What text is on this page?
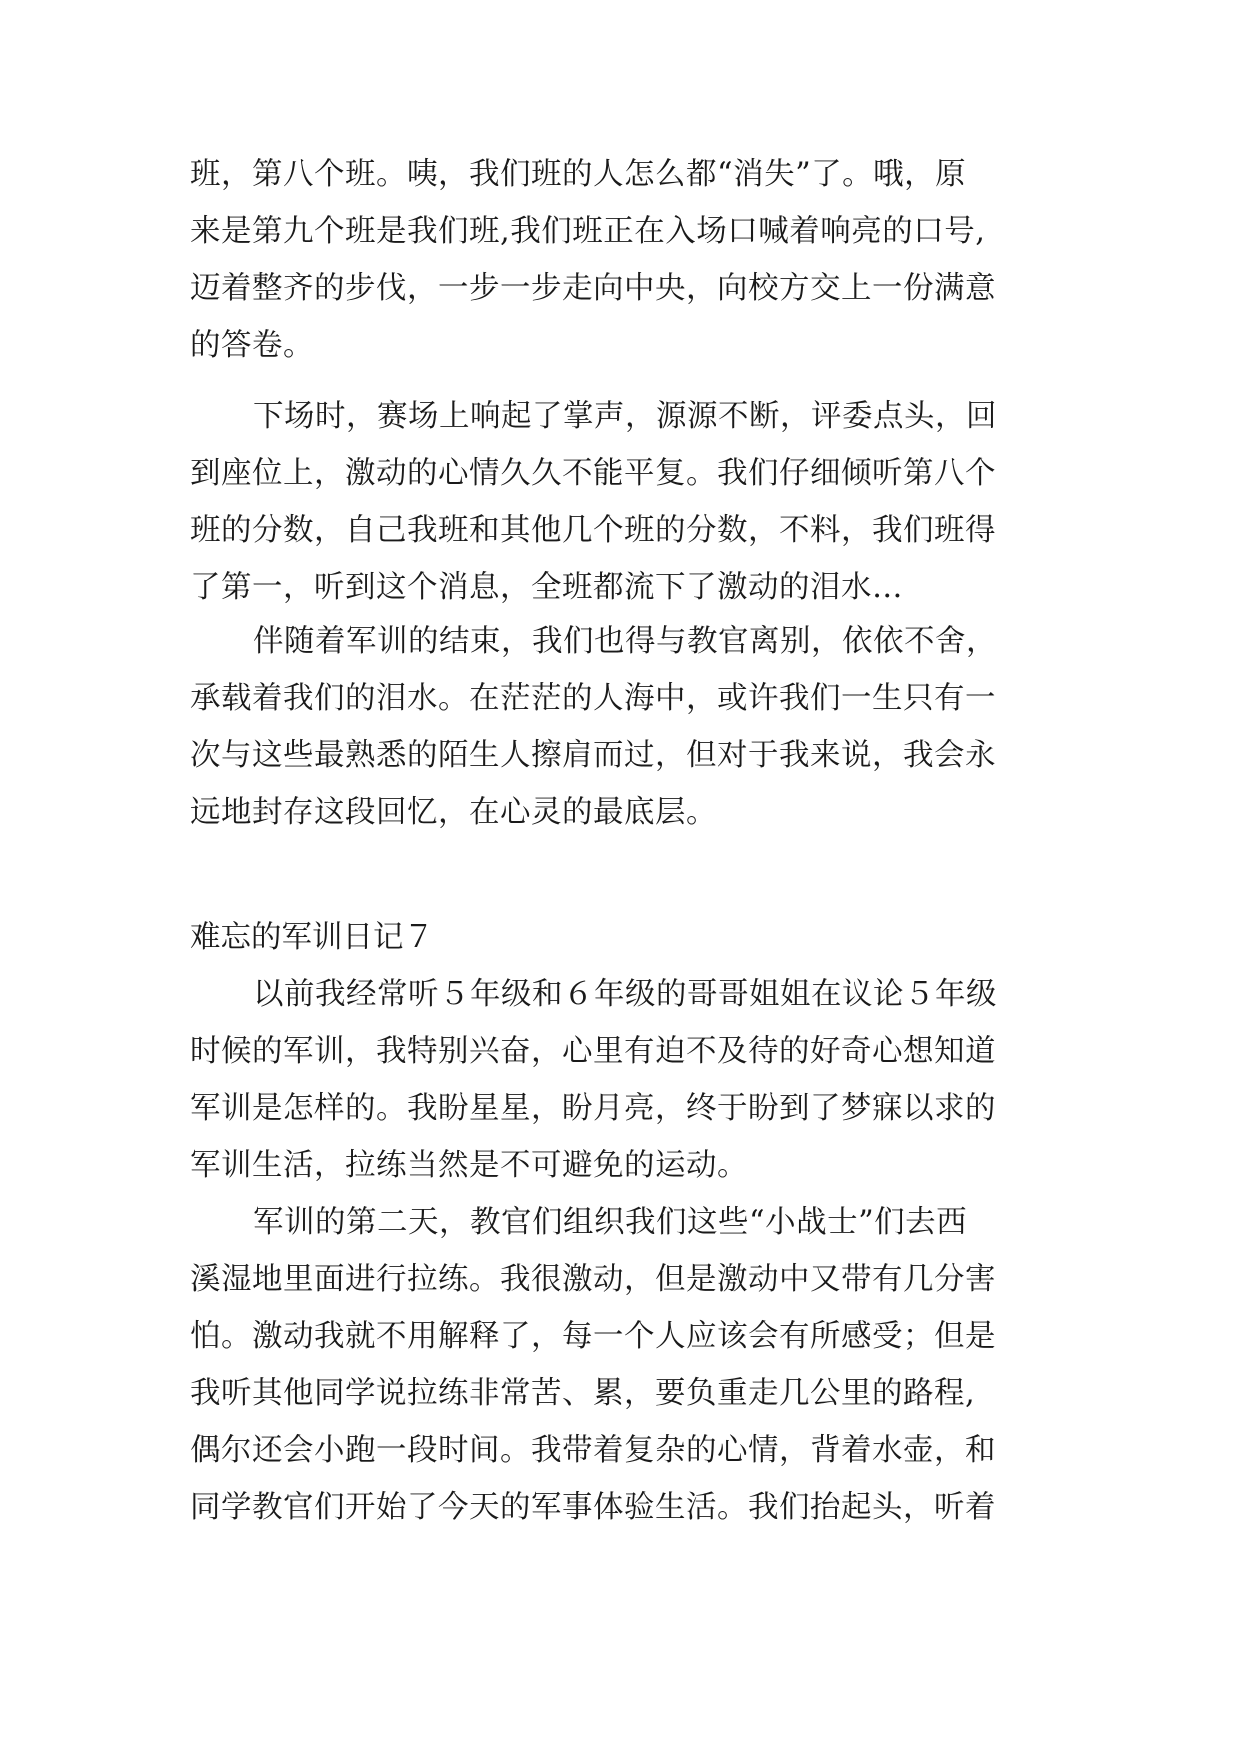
班，第八个班。咦，我们班的人怎么都“消失”了。哦，原

来是第九个班是我们班,我们班正在入场口喊着响亮的口号,

迈着整齐的步伐，一步一步走向中央，向校方交上一份满意

的答卷。

下场时，赛场上响起了掌声，源源不断，评委点头，回

到座位上，激动的心情久久不能平复。我们仔细倾听第八个

班的分数，自己我班和其他几个班的分数，不料，我们班得

了第一，听到这个消息，全班都流下了激动的泪水…

伴随着军训的结束，我们也得与教官离别，依依不舍，

承载着我们的泪水。在茫茫的人海中，或许我们一生只有一

次与这些最熟悉的陌生人擦肩而过，但对于我来说，我会永

远地封存这段回忆，在心灵的最底层。

难忘的军训日记７

以前我经常听５年级和６年级的哥哥姐姐在议论５年级

时候的军训，我特别兴奋，心里有迫不及待的好奇心想知道

军训是怎样的。我盼星星，盼月亮，终于盼到了梦寐以求的

军训生活，拉练当然是不可避免的运动。

军训的第二天，教官们组织我们这些“小战士”们去西

溪湿地里面进行拉练。我很激动，但是激动中又带有几分害

怕。激动我就不用解释了，每一个人应该会有所感受；但是

我听其他同学说拉练非常苦、累，要负重走几公里的路程,

偶尔还会小跑一段时间。我带着复杂的心情，背着水壶，和

同学教官们开始了今天的军事体验生活。我们抬起头，听着
